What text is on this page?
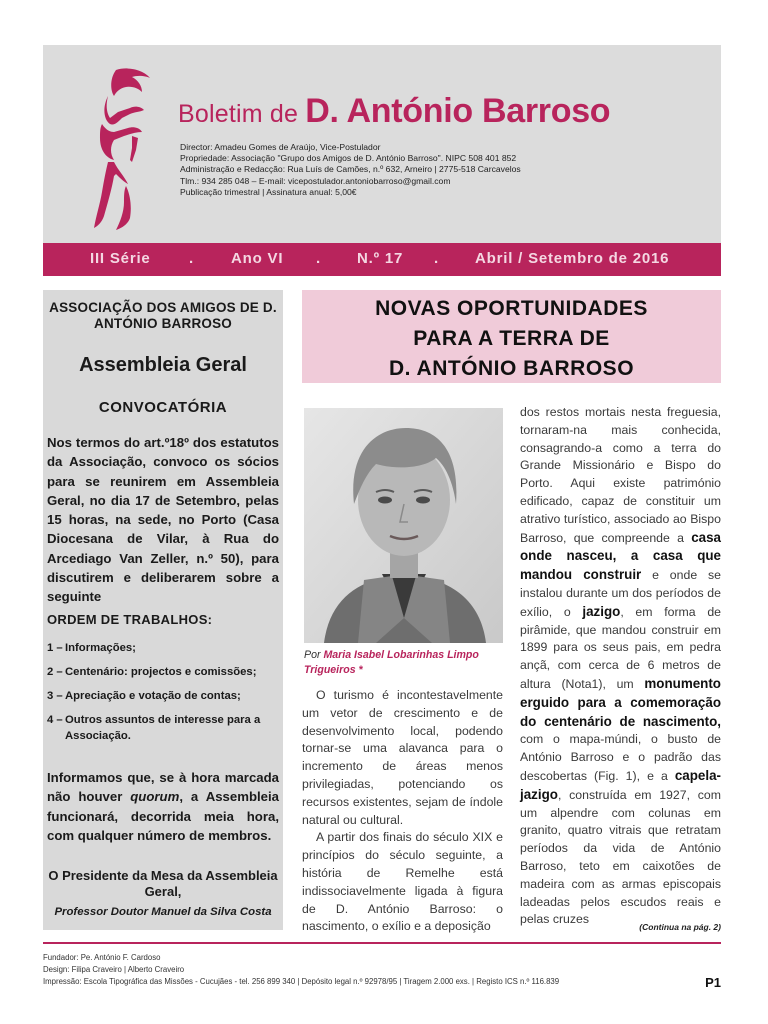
Boletim de D. António Barroso
Director: Amadeu Gomes de Araújo, Vice-Postulador
Propriedade: Associação "Grupo dos Amigos de D. António Barroso". NIPC 508 401 852
Administração e Redacção: Rua Luís de Camões, n.º 632, Arneiro | 2775-518 Carcavelos
Tlm.: 934 285 048 – E-mail: vicepostulador.antoniobarroso@gmail.com
Publicação trimestral | Assinatura anual: 5,00€
III Série	. Ano VI . N.º 17 . Abril / Setembro de 2016
ASSOCIAÇÃO DOS AMIGOS DE D. ANTÓNIO BARROSO
Assembleia Geral
CONVOCATÓRIA
Nos termos do art.º18º dos estatutos da Associação, convoco os sócios para se reunirem em Assembleia Geral, no dia 17 de Setembro, pelas 15 horas, na sede, no Porto (Casa Diocesana de Vilar, à Rua do Arcediago Van Zeller, n.º 50), para discutirem e deliberarem sobre a seguinte
ORDEM DE TRABALHOS:
1 – Informações;
2 – Centenário: projectos e comissões;
3 – Apreciação e votação de contas;
4 – Outros assuntos de interesse para a
Associação.
Informamos que, se à hora marcada não houver quorum, a Assembleia funcionará, decorrida meia hora, com qualquer número de membros.
O Presidente da Mesa da Assembleia Geral,
Professor Doutor Manuel da Silva Costa
NOVAS OPORTUNIDADES
PARA A TERRA DE
D. ANTÓNIO BARROSO
Por Maria Isabel Lobarinhas Limpo Trigueiros *

O turismo é incontestavelmente um vetor de crescimento e de desenvolvimento local, podendo tornar-se uma alavanca para o incremento de áreas menos privilegiadas, potenciando os recursos existentes, sejam de índole natural ou cultural.

A partir dos finais do século XIX e princípios do século seguinte, a história de Remelhe está indissociavelmente ligada à figura de D. António Barroso: o nascimento, o exílio e a deposição

dos restos mortais nesta freguesia, tornaram-na mais conhecida, consagrando-a como a terra do Grande Missionário e Bispo do Porto. Aqui existe património edificado, capaz de constituir um atrativo turístico, associado ao Bispo Barroso, que compreende a casa onde nasceu, a casa que mandou construir e onde se instalou durante um dos períodos de exílio, o jazigo, em forma de pirâmide, que mandou construir em 1899 para os seus pais, em pedra ançã, com cerca de 6 metros de altura (Nota1), um monumento erguido para a comemoração do centenário de nascimento, com o mapa-múndi, o busto de António Barroso e o padrão das descobertas (Fig. 1), e a capela-jazigo, construída em 1927, com um alpendre com colunas em granito, quatro vitrais que retratam períodos da vida de António Barroso, teto em caixotões de madeira com as armas episcopais ladeadas pelos escudos reais e pelas cruzes

(Continua na pág. 2)
Fundador: Pe. António F. Cardoso
Design: Filipa Craveiro | Alberto Craveiro
Impressão: Escola Tipográfica das Missões - Cucujães - tel. 256 899 340 | Depósito legal n.º 92978/95 | Tiragem 2.000 exs. | Registo ICS n.º 116.839	P1
